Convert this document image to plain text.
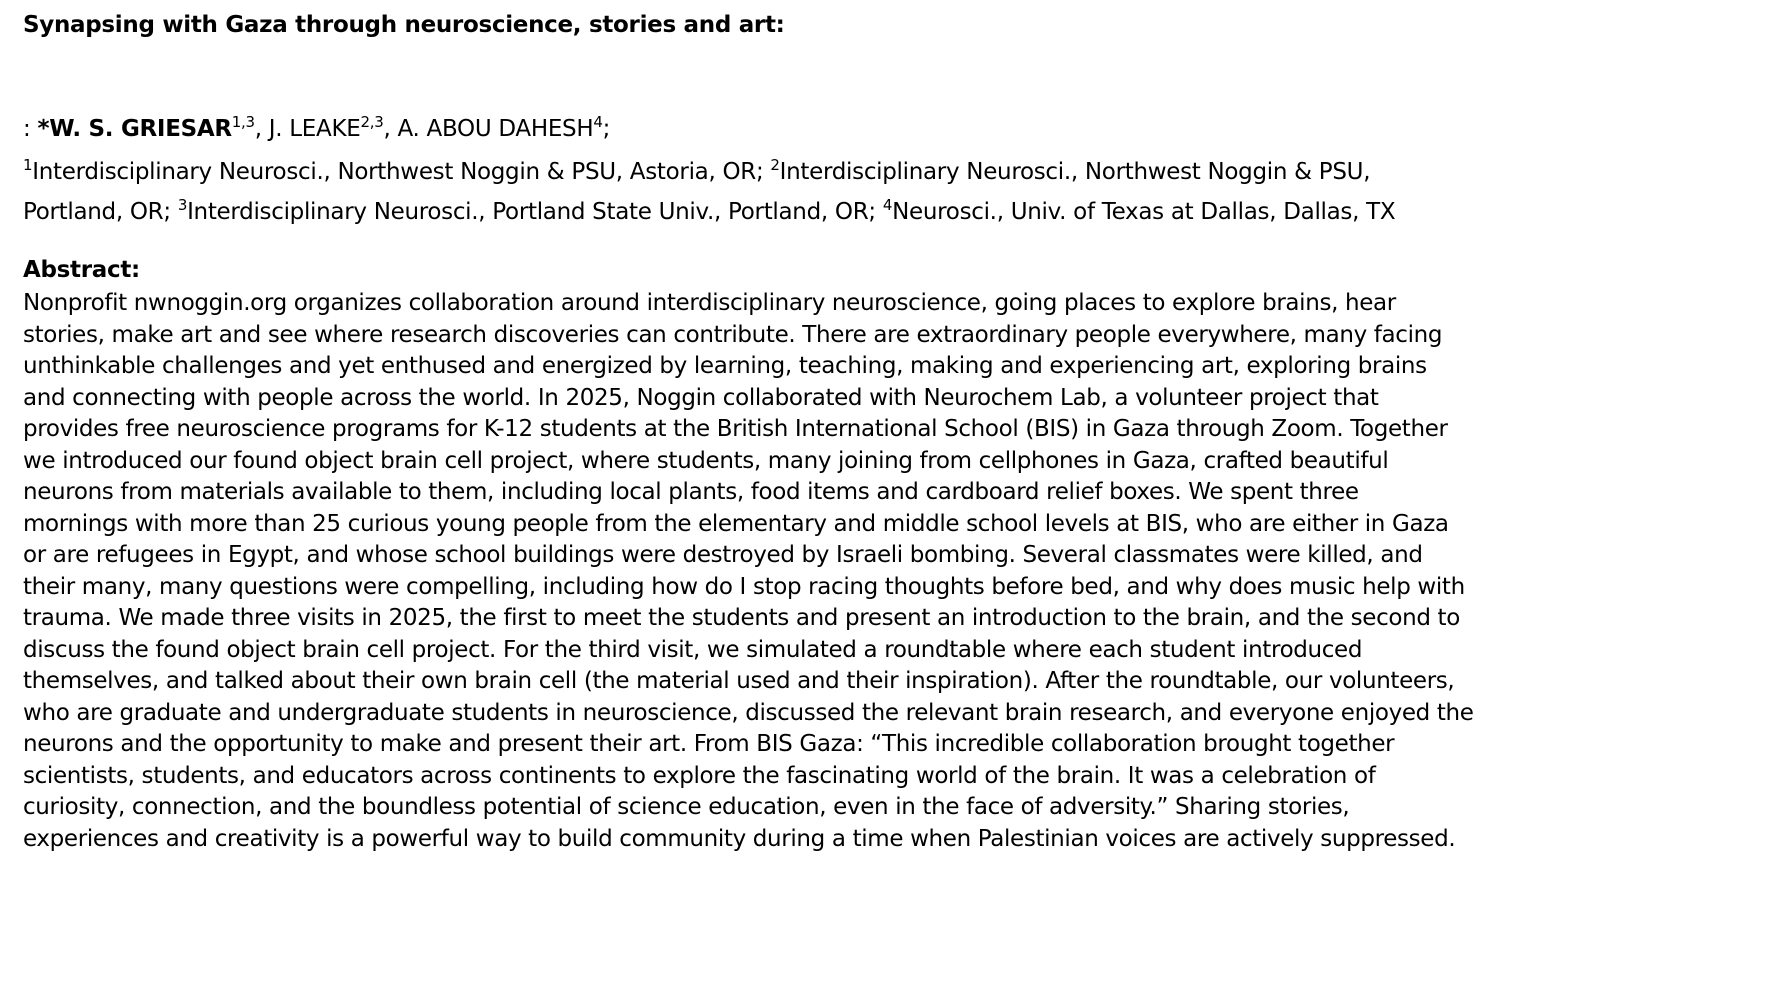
Synapsing with Gaza through neuroscience, stories and art:
: *W. S. GRIESAR$^{1,3}$, J. LEAKE$^{2,3}$, A. ABOU DAHESH$^4$;
$^1$Interdisciplinary Neurosci., Northwest Noggin & PSU, Astoria, OR; $^2$Interdisciplinary Neurosci., Northwest Noggin & PSU,
Portland, OR; $^3$Interdisciplinary Neurosci., Portland State Univ., Portland, OR; $^4$Neurosci., Univ. of Texas at Dallas, Dallas, TX
Abstract:
Nonprofit nwnoggin.org organizes collaboration around interdisciplinary neuroscience, going places to explore brains, hear
stories, make art and see where research discoveries can contribute. There are extraordinary people everywhere, many facing
unthinkable challenges and yet enthused and energized by learning, teaching, making and experiencing art, exploring brains
and connecting with people across the world. In 2025, Noggin collaborated with Neurochem Lab, a volunteer project that
provides free neuroscience programs for K-12 students at the British International School (BIS) in Gaza through Zoom. Together
we introduced our found object brain cell project, where students, many joining from cellphones in Gaza, crafted beautiful
neurons from materials available to them, including local plants, food items and cardboard relief boxes. We spent three
mornings with more than 25 curious young people from the elementary and middle school levels at BIS, who are either in Gaza
or are refugees in Egypt, and whose school buildings were destroyed by Israeli bombing. Several classmates were killed, and
their many, many questions were compelling, including how do I stop racing thoughts before bed, and why does music help with
trauma. We made three visits in 2025, the first to meet the students and present an introduction to the brain, and the second to
discuss the found object brain cell project. For the third visit, we simulated a roundtable where each student introduced
themselves, and talked about their own brain cell (the material used and their inspiration). After the roundtable, our volunteers,
who are graduate and undergraduate students in neuroscience, discussed the relevant brain research, and everyone enjoyed the
neurons and the opportunity to make and present their art. From BIS Gaza: “This incredible collaboration brought together
scientists, students, and educators across continents to explore the fascinating world of the brain. It was a celebration of
curiosity, connection, and the boundless potential of science education, even in the face of adversity.” Sharing stories,
experiences and creativity is a powerful way to build community during a time when Palestinian voices are actively suppressed.
